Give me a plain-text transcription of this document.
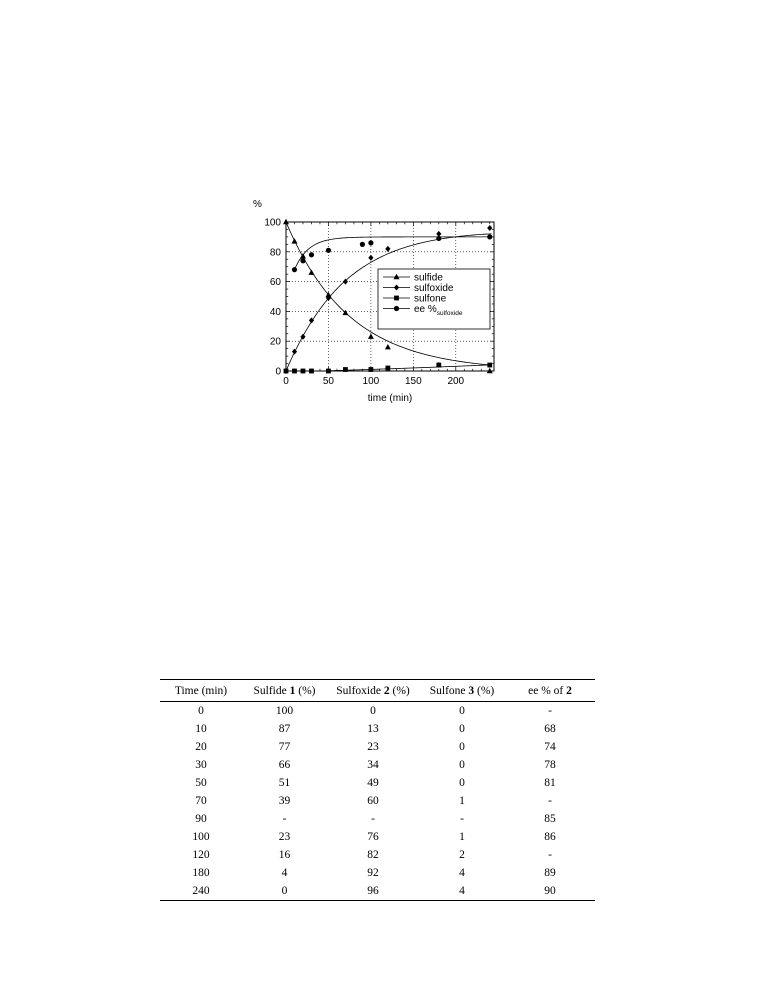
%
0	50	100	150	200
0
20
40
60
80
100
sulfide
sulfoxide
sulfone
ee $\%_{sulfoxide}$
time (min)
Time (min)	Sulfide 1 (%)	Sulfoxide 2 (%)	Sulfone 3 (%)	ee % of 2
0	100	0	0	-
10	87	13	0	68
20	77	23	0	74
30	66	34	0	78
50	51	49	0	81
70	39	60	1	-
90	-	-	-	85
100	23	76	1	86
120	16	82	2	-
180	4	92	4	89
240	0	96	4	90
